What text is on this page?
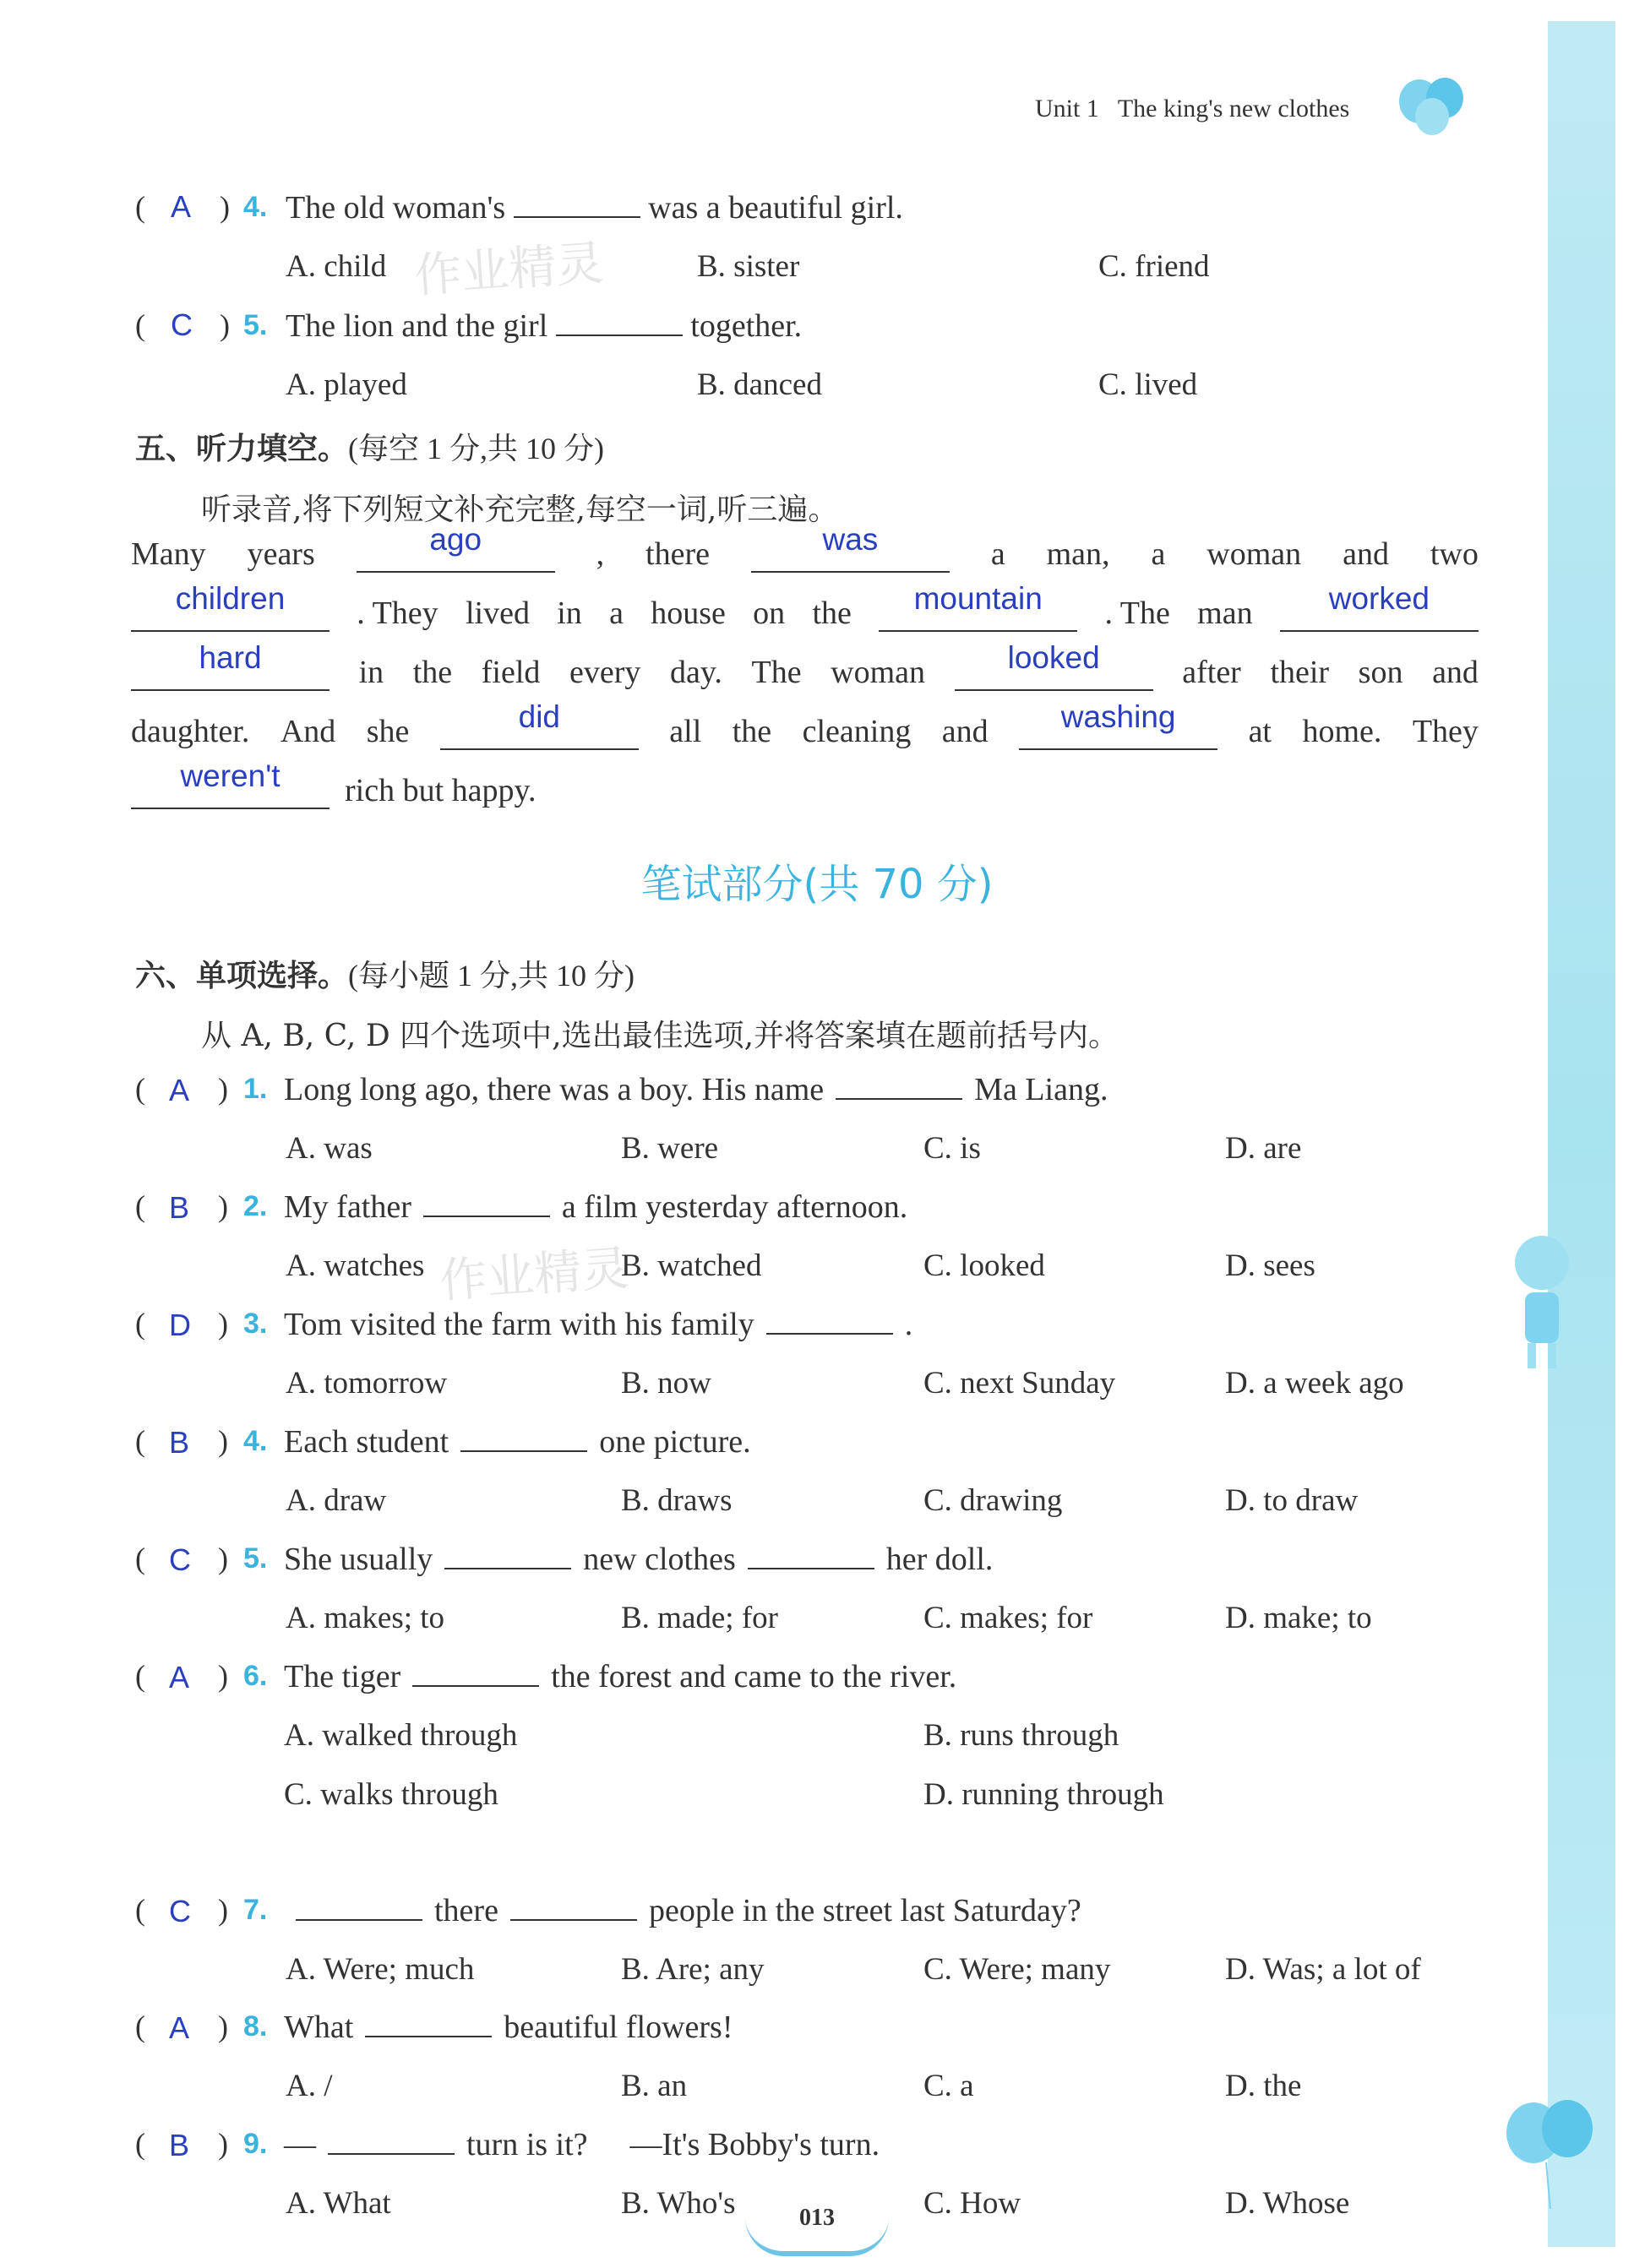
Unit 1 The king's new clothes
( A ) 4. The old woman's	was a beautiful girl.
A. child	B. sister	C. friend
( C ) 5. The lion and the girl	together.
A. played	B. danced	C. lived
五、听力填空。(每空 1 分,共 10 分)
听录音,将下列短文补充完整,每空一词,听三遍。
Many years	ago	, there	was	a man, a woman and two
children	. They lived in a house on the	mountain	. The man	worked
hard	in the field every day. The woman	looked	after their son and
daughter. And she	did	all the cleaning and	washing	at home. They
weren't	rich but happy.
笔试部分(共 70 分)
六、单项选择。(每小题 1 分,共 10 分)
从 A, B, C, D 四个选项中,选出最佳选项,并将答案填在题前括号内。
( A ) 1. Long long ago, there was a boy. His name	Ma Liang.
A. was	B. were	C. is	D. are
( B ) 2. My father	a film yesterday afternoon.
A. watches	B. watched	C. looked	D. sees
( D ) 3. Tom visited the farm with his family	.
A. tomorrow	B. now	C. next Sunday	D. a week ago
( B ) 4. Each student	one picture.
A. draw	B. draws	C. drawing	D. to draw
( C ) 5. She usually	new clothes	her doll.
A. makes; to	B. made; for	C. makes; for	D. make; to
( A ) 6. The tiger	the forest and came to the river.
A. walked through	B. runs through
C. walks through	D. running through
( C ) 7.	there	people in the street last Saturday?
A. Were; much	B. Are; any	C. Were; many	D. Was; a lot of
( A ) 8. What	beautiful flowers!
A. /	B. an	C. a	D. the
( B ) 9. —	turn is it? —It's Bobby's turn.
A. What	B. Who's	C. How	D. Whose
作业精灵
作业精灵
013
